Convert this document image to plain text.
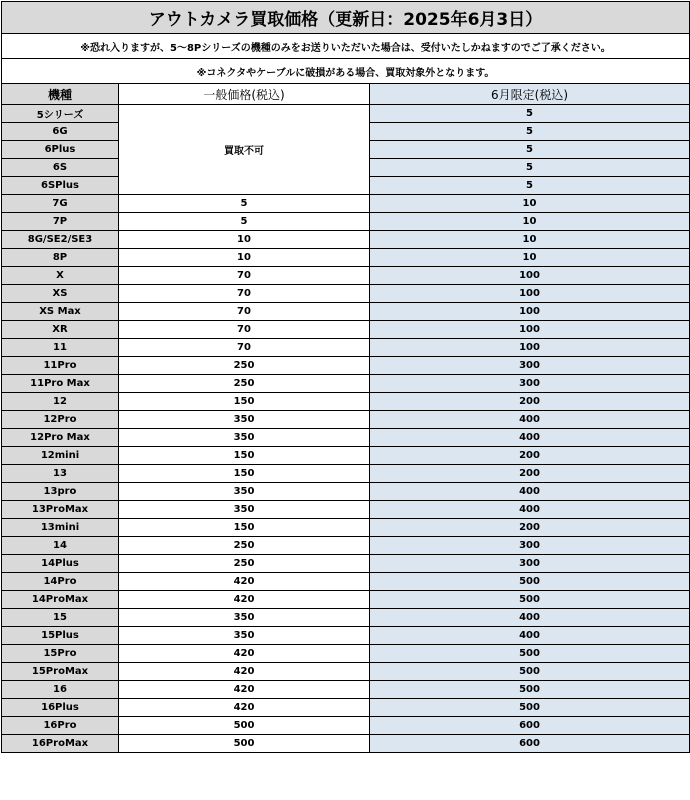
アウトカメラ買取価格（更新日：2025年6月3日）		
※恐れ入りますが、5～8Pシリーズの機種のみをお送りいただいた場合は、受付いたしかねますのでご了承ください。		
※コネクタやケーブルに破損がある場合、買取対象外となります。		
機種	一般価格(税込)	6月限定(税込)
5シリーズ	買取不可	5
6G		5
6Plus		5
6S		5
6SPlus		5
7G	5	10
7P	5	10
8G/SE2/SE3	10	10
8P	10	10
X	70	100
XS	70	100
XS Max	70	100
XR	70	100
11	70	100
11Pro	250	300
11Pro Max	250	300
12	150	200
12Pro	350	400
12Pro Max	350	400
12mini	150	200
13	150	200
13pro	350	400
13ProMax	350	400
13mini	150	200
14	250	300
14Plus	250	300
14Pro	420	500
14ProMax	420	500
15	350	400
15Plus	350	400
15Pro	420	500
15ProMax	420	500
16	420	500
16Plus	420	500
16Pro	500	600
16ProMax	500	600
